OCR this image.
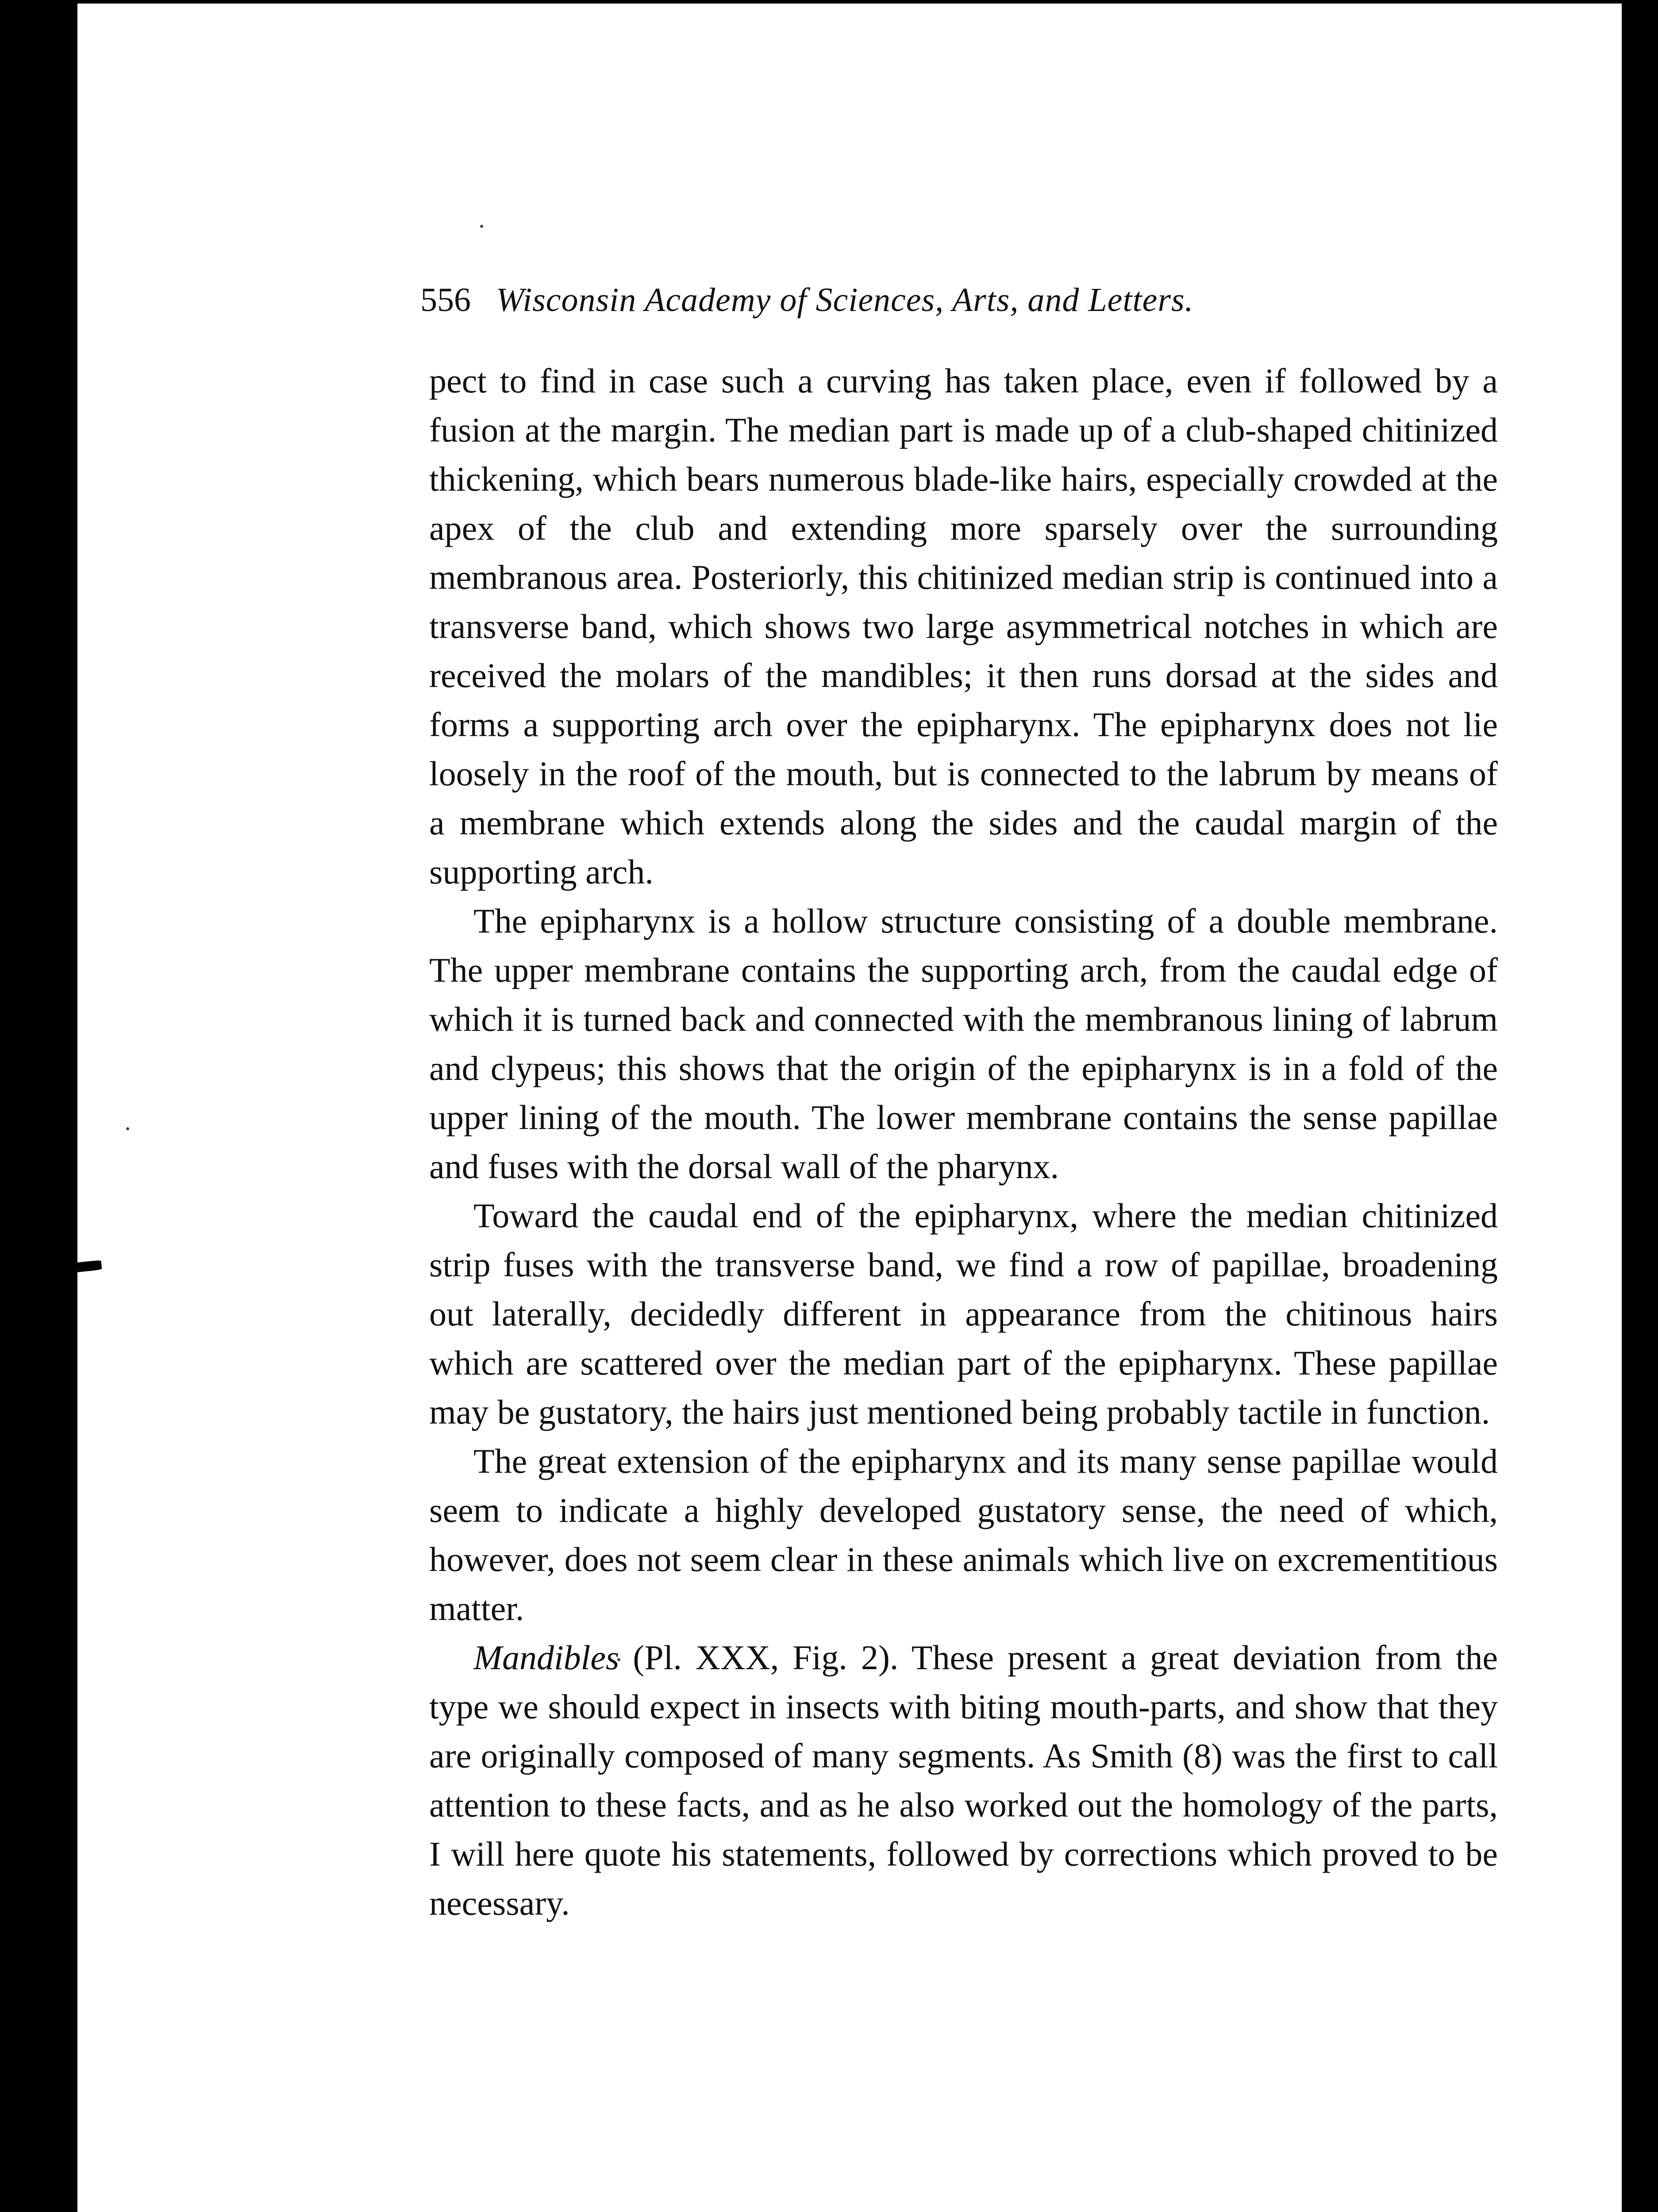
556 Wisconsin Academy of Sciences, Arts, and Letters.

pect to find in case such a curving has taken place, even if followed by a fusion at the margin. The median part is made up of a club-shaped chitinized thickening, which bears numerous blade-like hairs, especially crowded at the apex of the club and extending more sparsely over the surrounding membranous area. Posteriorly, this chitinized median strip is continued into a transverse band, which shows two large asymmetrical notches in which are received the molars of the mandibles; it then runs dorsad at the sides and forms a supporting arch over the epipharynx. The epipharynx does not lie loosely in the roof of the mouth, but is connected to the labrum by means of a membrane which extends along the sides and the caudal margin of the supporting arch.

The epipharynx is a hollow structure consisting of a double membrane. The upper membrane contains the supporting arch, from the caudal edge of which it is turned back and connected with the membranous lining of labrum and clypeus; this shows that the origin of the epipharynx is in a fold of the upper lining of the mouth. The lower membrane contains the sense papillae and fuses with the dorsal wall of the pharynx.

Toward the caudal end of the epipharynx, where the median chitinized strip fuses with the transverse band, we find a row of papillae, broadening out laterally, decidedly different in appearance from the chitinous hairs which are scattered over the median part of the epipharynx. These papillae may be gustatory, the hairs just mentioned being probably tactile in function.

The great extension of the epipharynx and its many sense papillae would seem to indicate a highly developed gustatory sense, the need of which, however, does not seem clear in these animals which live on excrementitious matter.

Mandibles (Pl. XXX, Fig. 2). These present a great deviation from the type we should expect in insects with biting mouth-parts, and show that they are originally composed of many segments. As Smith (8) was the first to call attention to these facts, and as he also worked out the homology of the parts, I will here quote his statements, followed by corrections which proved to be necessary.
